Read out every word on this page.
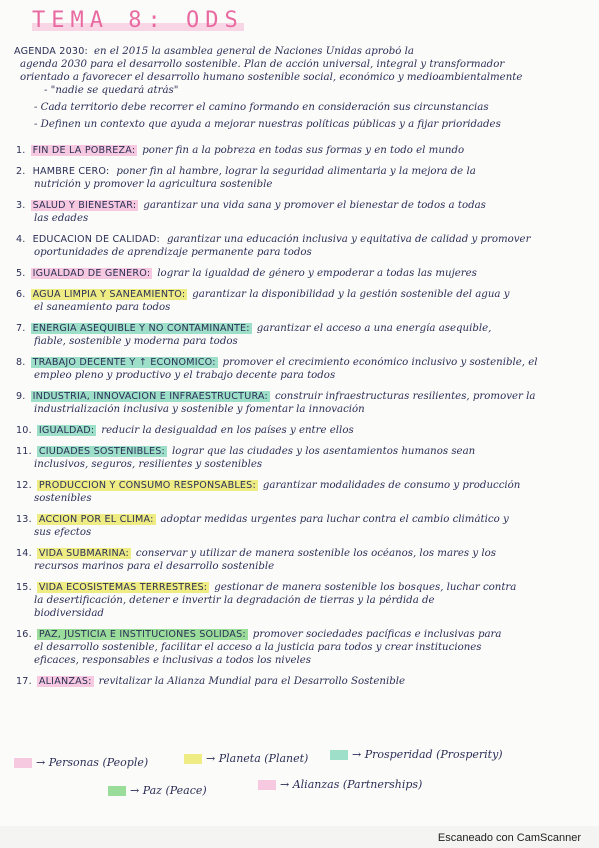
TEMA 8: ODS
AGENDA 2030: en el 2015 la asamblea general de Naciones Unidas aprobó la
agenda 2030 para el desarrollo sostenible. Plan de acción universal, integral y transformador
orientado a favorecer el desarrollo humano sostenible social, económico y medioambientalmente
- "nadie se quedará atrás"
- Cada territorio debe recorrer el camino formando en consideración sus circunstancias
- Definen un contexto que ayuda a mejorar nuestras políticas públicas y a fijar prioridades
1. FIN DE LA POBREZA: poner fin a la pobreza en todas sus formas y en todo el mundo
2. HAMBRE CERO: poner fin al hambre, lograr la seguridad alimentaria y la mejora de la
nutrición y promover la agricultura sostenible
3. SALUD Y BIENESTAR: garantizar una vida sana y promover el bienestar de todos a todas
las edades
4. EDUCACIÓN DE CALIDAD: garantizar una educación inclusiva y equitativa de calidad y promover
oportunidades de aprendizaje permanente para todos
5. IGUALDAD DE GÉNERO: lograr la igualdad de género y empoderar a todas las mujeres
6. AGUA LIMPIA Y SANEAMIENTO: garantizar la disponibilidad y la gestión sostenible del agua y
el saneamiento para todos
7. ENERGÍA ASEQUIBLE Y NO CONTAMINANTE: garantizar el acceso a una energía asequible,
fiable, sostenible y moderna para todos
8. TRABAJO DECENTE Y ↑ ECONÓMICO: promover el crecimiento económico inclusivo y sostenible, el
empleo pleno y productivo y el trabajo decente para todos
9. INDUSTRIA, INNOVACIÓN E INFRAESTRUCTURA: construir infraestructuras resilientes, promover la
industrialización inclusiva y sostenible y fomentar la innovación
10. IGUALDAD: reducir la desigualdad en los países y entre ellos
11. CIUDADES SOSTENIBLES: lograr que las ciudades y los asentamientos humanos sean
inclusivos, seguros, resilientes y sostenibles
12. PRODUCCIÓN Y CONSUMO RESPONSABLES: garantizar modalidades de consumo y producción
sostenibles
13. ACCIÓN POR EL CLIMA: adoptar medidas urgentes para luchar contra el cambio climático y
sus efectos
14. VIDA SUBMARINA: conservar y utilizar de manera sostenible los océanos, los mares y los
recursos marinos para el desarrollo sostenible
15. VIDA ECOSISTEMAS TERRESTRES: gestionar de manera sostenible los bosques, luchar contra
la desertificación, detener e invertir la degradación de tierras y la pérdida de
biodiversidad
16. PAZ, JUSTICIA E INSTITUCIONES SÓLIDAS: promover sociedades pacíficas e inclusivas para
el desarrollo sostenible, facilitar el acceso a la justicia para todos y crear instituciones
eficaces, responsables e inclusivas a todos los niveles
17. ALIANZAS: revitalizar la Alianza Mundial para el Desarrollo Sostenible
→ Personas (People)	→ Planeta (Planet)	→ Prosperidad (Prosperity)
→ Paz (Peace)	→ Alianzas (Partnerships)
Escaneado con CamScanner
